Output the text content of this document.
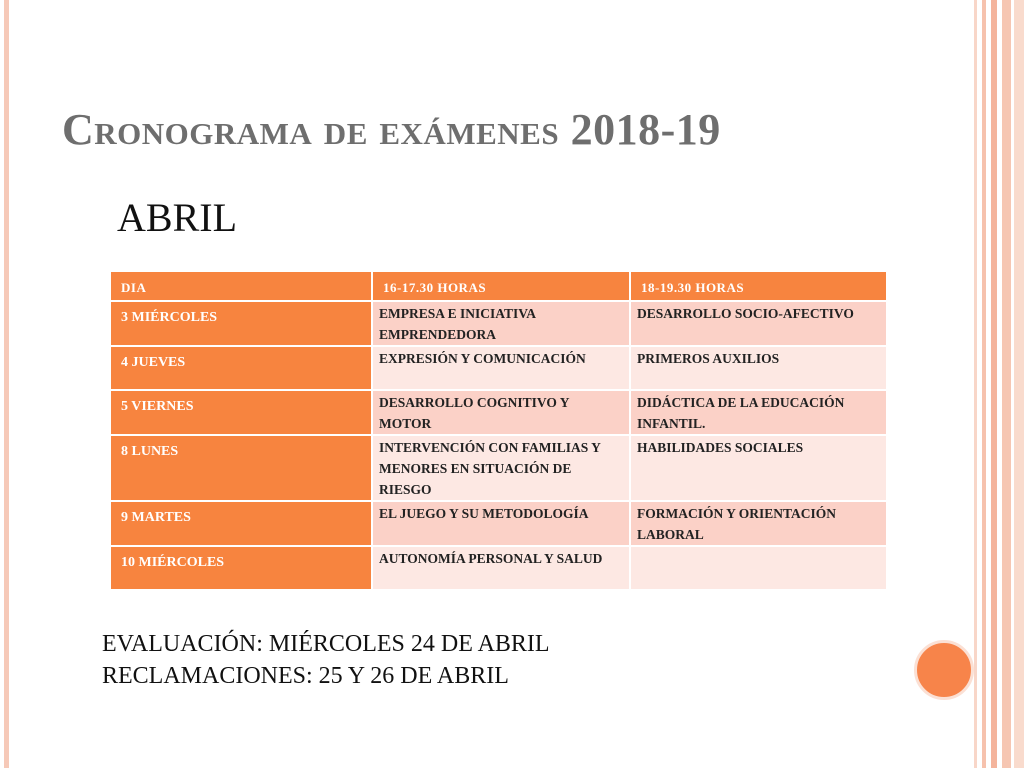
Cronograma de exámenes 2018-19
ABRIL
DIA	16-17.30 HORAS	18-19.30 HORAS
3 MIÉRCOLES	EMPRESA E INICIATIVA EMPRENDEDORA	DESARROLLO SOCIO-AFECTIVO
4 JUEVES	EXPRESIÓN Y COMUNICACIÓN	PRIMEROS AUXILIOS
5 VIERNES	DESARROLLO COGNITIVO Y MOTOR	DIDÁCTICA DE LA EDUCACIÓN INFANTIL.
8 LUNES	INTERVENCIÓN CON FAMILIAS Y MENORES EN SITUACIÓN DE RIESGO	HABILIDADES SOCIALES
9 MARTES	EL JUEGO Y SU METODOLOGÍA	FORMACIÓN Y ORIENTACIÓN LABORAL
10 MIÉRCOLES	AUTONOMÍA PERSONAL Y SALUD	
EVALUACIÓN: MIÉRCOLES 24 DE ABRIL
RECLAMACIONES: 25 Y 26 DE ABRIL
